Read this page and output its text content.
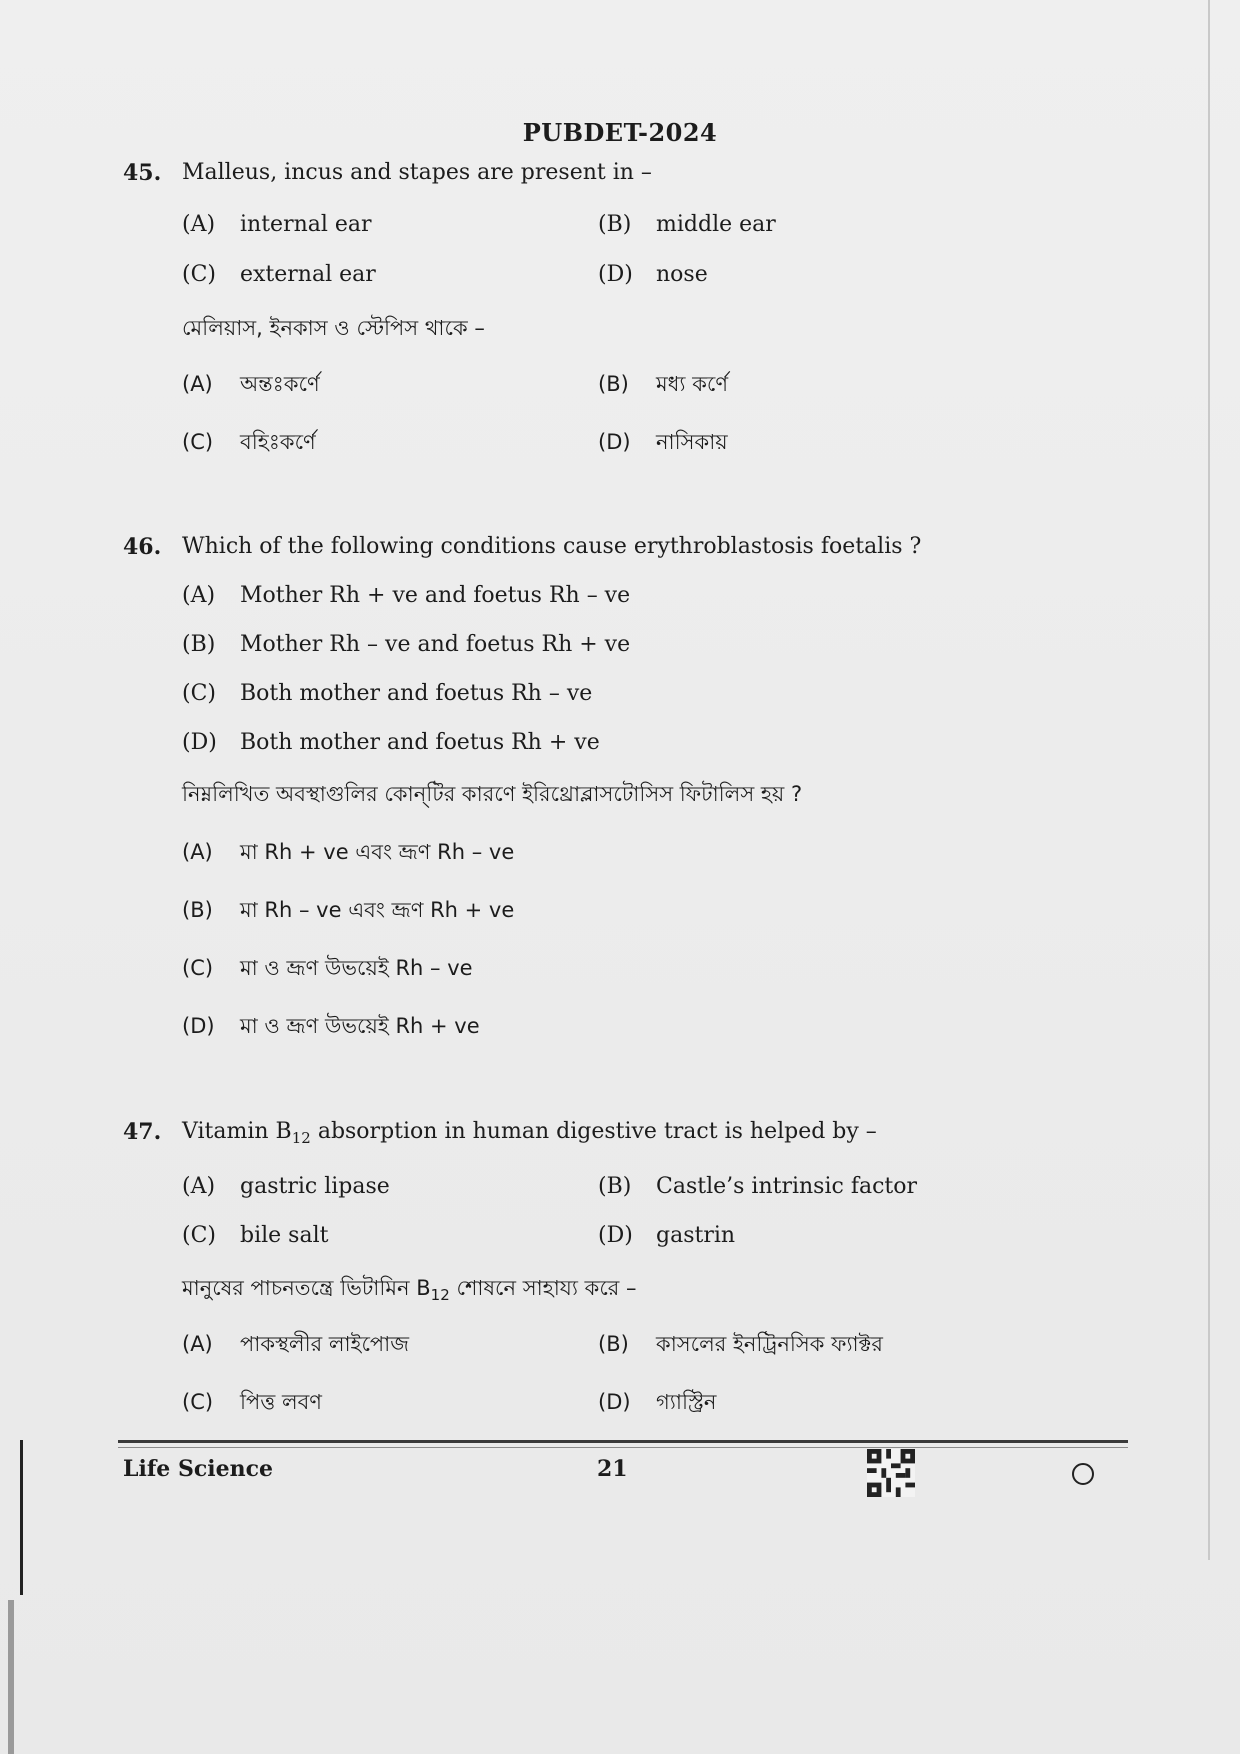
PUBDET-2024
45. Malleus, incus and stapes are present in –
(A) internal ear	(B) middle ear
(C) external ear	(D) nose
মেলিয়াস, ইনকাস ও স্টেপিস থাকে –
(A) অন্তঃকর্ণে	(B) মধ্য কর্ণে
(C) বহিঃকর্ণে	(D) নাসিকায়
46. Which of the following conditions cause erythroblastosis foetalis ?
(A) Mother Rh + ve and foetus Rh – ve
(B) Mother Rh – ve and foetus Rh + ve
(C) Both mother and foetus Rh – ve
(D) Both mother and foetus Rh + ve
নিম্নলিখিত অবস্থাগুলির কোন্‌টির কারণে ইরিথ্রোব্লাসটোসিস ফিটালিস হয় ?
(A) মা Rh + ve এবং ভ্রূণ Rh – ve
(B) মা Rh – ve এবং ভ্রূণ Rh + ve
(C) মা ও ভ্রূণ উভয়েই Rh – ve
(D) মা ও ভ্রূণ উভয়েই Rh + ve
47. Vitamin $B_{12}$ absorption in human digestive tract is helped by –
(A) gastric lipase	(B) Castle’s intrinsic factor
(C) bile salt	(D) gastrin
মানুষের পাচনতন্ত্রে ভিটামিন $B_{12}$ শোষনে সাহায্য করে –
(A) পাকস্থলীর লাইপোজ	(B) কাসলের ইনট্রিনসিক ফ্যাক্টর
(C) পিত্ত লবণ	(D) গ্যাস্ট্রিন
Life Science	21
